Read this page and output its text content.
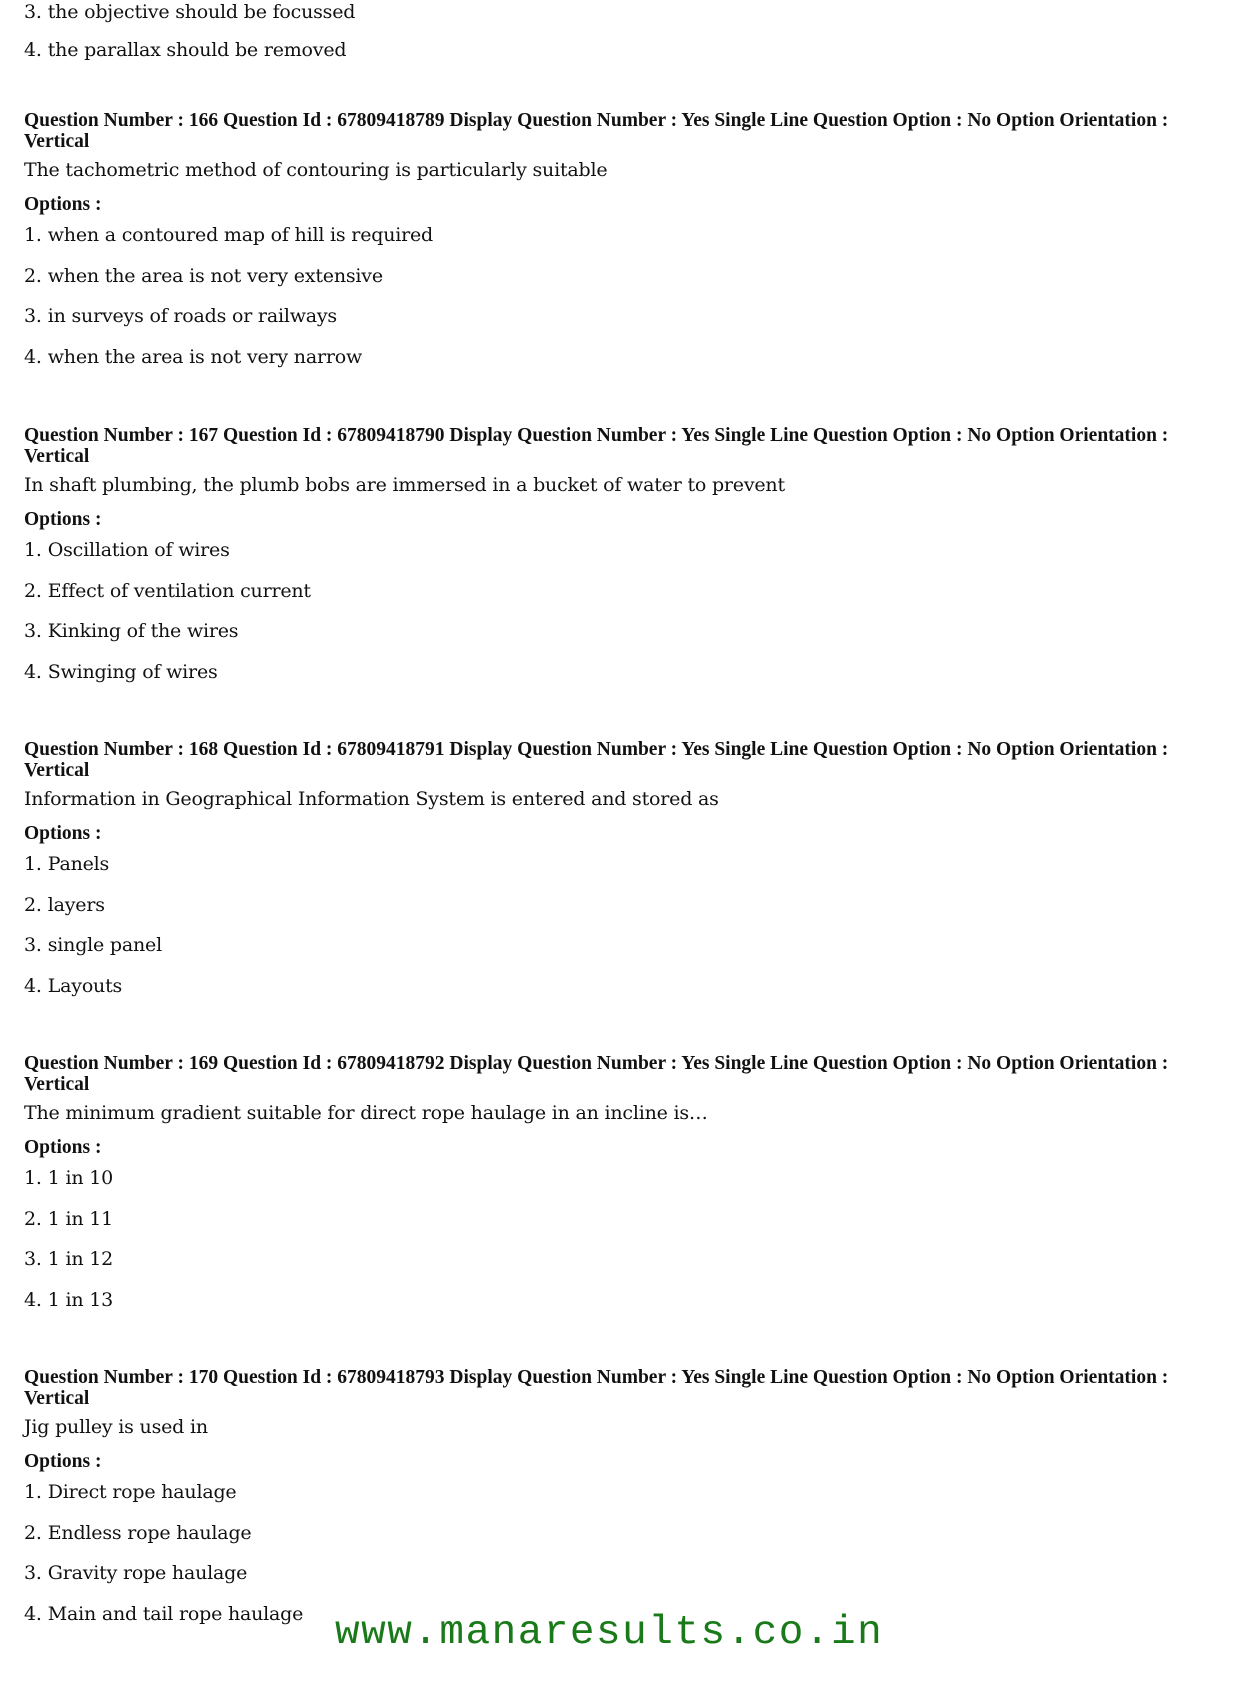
3. the objective should be focussed
4. the parallax should be removed

Question Number : 166 Question Id : 67809418789 Display Question Number : Yes Single Line Question Option : No Option Orientation : Vertical

The tachometric method of contouring is particularly suitable
Options :
1. when a contoured map of hill is required
2. when the area is not very extensive
3. in surveys of roads or railways
4. when the area is not very narrow

Question Number : 167 Question Id : 67809418790 Display Question Number : Yes Single Line Question Option : No Option Orientation : Vertical

In shaft plumbing, the plumb bobs are immersed in a bucket of water to prevent
Options :
1. Oscillation of wires
2. Effect of ventilation current
3. Kinking of the wires
4. Swinging of wires

Question Number : 168 Question Id : 67809418791 Display Question Number : Yes Single Line Question Option : No Option Orientation : Vertical

Information in Geographical Information System is entered and stored as
Options :
1. Panels
2. layers
3. single panel
4. Layouts

Question Number : 169 Question Id : 67809418792 Display Question Number : Yes Single Line Question Option : No Option Orientation : Vertical

The minimum gradient suitable for direct rope haulage in an incline is…
Options :
1. 1 in 10
2. 1 in 11
3. 1 in 12
4. 1 in 13

Question Number : 170 Question Id : 67809418793 Display Question Number : Yes Single Line Question Option : No Option Orientation : Vertical

Jig pulley is used in
Options :
1. Direct rope haulage
2. Endless rope haulage
3. Gravity rope haulage
4. Main and tail rope haulage www.manaresults.co.in
